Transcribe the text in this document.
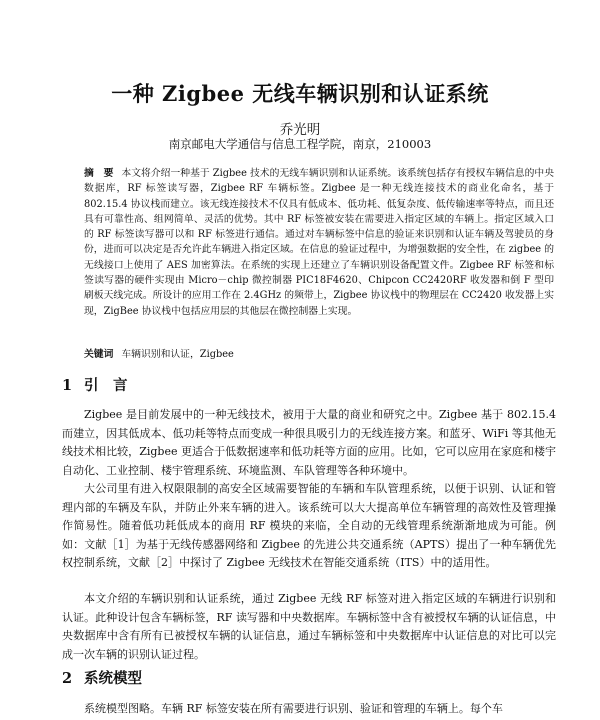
一种 Zigbee 无线车辆识别和认证系统
乔光明
南京邮电大学通信与信息工程学院，南京，210003

摘　要 本文将介绍一种基于 Zigbee 技术的无线车辆识别和认证系统。该系统包括存有授权车辆信息的中央数据库，RF 标签读写器，Zigbee RF 车辆标签。Zigbee 是一种无线连接技术的商业化命名，基于 802.15.4 协议栈而建立。该无线连接技术不仅具有低成本、低功耗、低复杂度、低传输速率等特点，而且还具有可靠性高、组网简单、灵活的优势。其中 RF 标签被安装在需要进入指定区域的车辆上。指定区域入口的 RF 标签读写器可以和 RF 标签进行通信。通过对车辆标签中信息的验证来识别和认证车辆及驾驶员的身份，进而可以决定是否允许此车辆进入指定区域。在信息的验证过程中，为增强数据的安全性，在 zigbee 的无线接口上使用了 AES 加密算法。在系统的实现上还建立了车辆识别设备配置文件。Zigbee RF 标签和标签读写器的硬件实现由 Micro－chip 微控制器 PIC18F4620、Chipcon CC2420RF 收发器和倒 F 型印刷板天线完成。所设计的应用工作在 2.4GHz 的频带上，Zigbee 协议栈中的物理层在 CC2420 收发器上实现，ZigBee 协议栈中包括应用层的其他层在微控制器上实现。

关键词 车辆识别和认证，Zigbee

1 引　言

Zigbee 是目前发展中的一种无线技术，被用于大量的商业和研究之中。Zigbee 基于 802.15.4 而建立，因其低成本、低功耗等特点而变成一种很具吸引力的无线连接方案。和蓝牙、WiFi 等其他无线技术相比较，Zigbee 更适合于低数据速率和低功耗等方面的应用。比如，它可以应用在家庭和楼宇自动化、工业控制、楼宇管理系统、环境监测、车队管理等各种环境中。

大公司里有进入权限限制的高安全区域需要智能的车辆和车队管理系统，以便于识别、认证和管理内部的车辆及车队，并防止外来车辆的进入。该系统可以大大提高单位车辆管理的高效性及管理操作简易性。随着低功耗低成本的商用 RF 模块的来临，全自动的无线管理系统渐渐地成为可能。例如：文献［1］为基于无线传感器网络和 Zigbee 的先进公共交通系统（APTS）提出了一种车辆优先权控制系统，文献［2］中探讨了 Zigbee 无线技术在智能交通系统（ITS）中的适用性。

本文介绍的车辆识别和认证系统，通过 Zigbee 无线 RF 标签对进入指定区域的车辆进行识别和认证。此种设计包含车辆标签，RF 读写器和中央数据库。车辆标签中含有被授权车辆的认证信息，中央数据库中含有所有已被授权车辆的认证信息，通过车辆标签和中央数据库中认证信息的对比可以完成一次车辆的识别认证过程。

2 系统模型

系统模型图略。车辆 RF 标签安装在所有需要进行识别、验证和管理的车辆上。每个车
